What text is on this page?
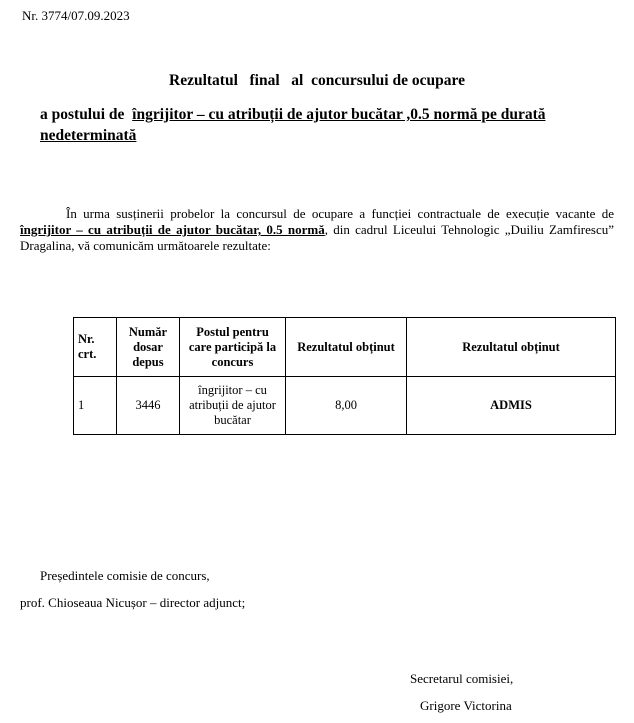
Nr. 3774/07.09.2023
Rezultatul   final   al  concursului de ocupare
a postului de  îngrijitor – cu atribuții de ajutor bucătar ,0.5 normă pe durată nedeterminată
În urma susținerii probelor la concursul de ocupare a funcției contractuale de execuție vacante de îngrijitor – cu atribuții de ajutor bucătar, 0.5 normă, din cadrul Liceului Tehnologic „Duiliu Zamfirescu” Dragalina, vă comunicăm următoarele rezultate:
Nr. crt.	Număr dosar depus	Postul pentru care participă la concurs	Rezultatul obținut	Rezultatul obținut
1	3446	îngrijitor – cu atribuții de ajutor bucătar	8,00	ADMIS
Președintele comisie de concurs,
prof. Chioseaua Nicușor – director adjunct;
Secretarul comisiei,
Grigore Victorina
